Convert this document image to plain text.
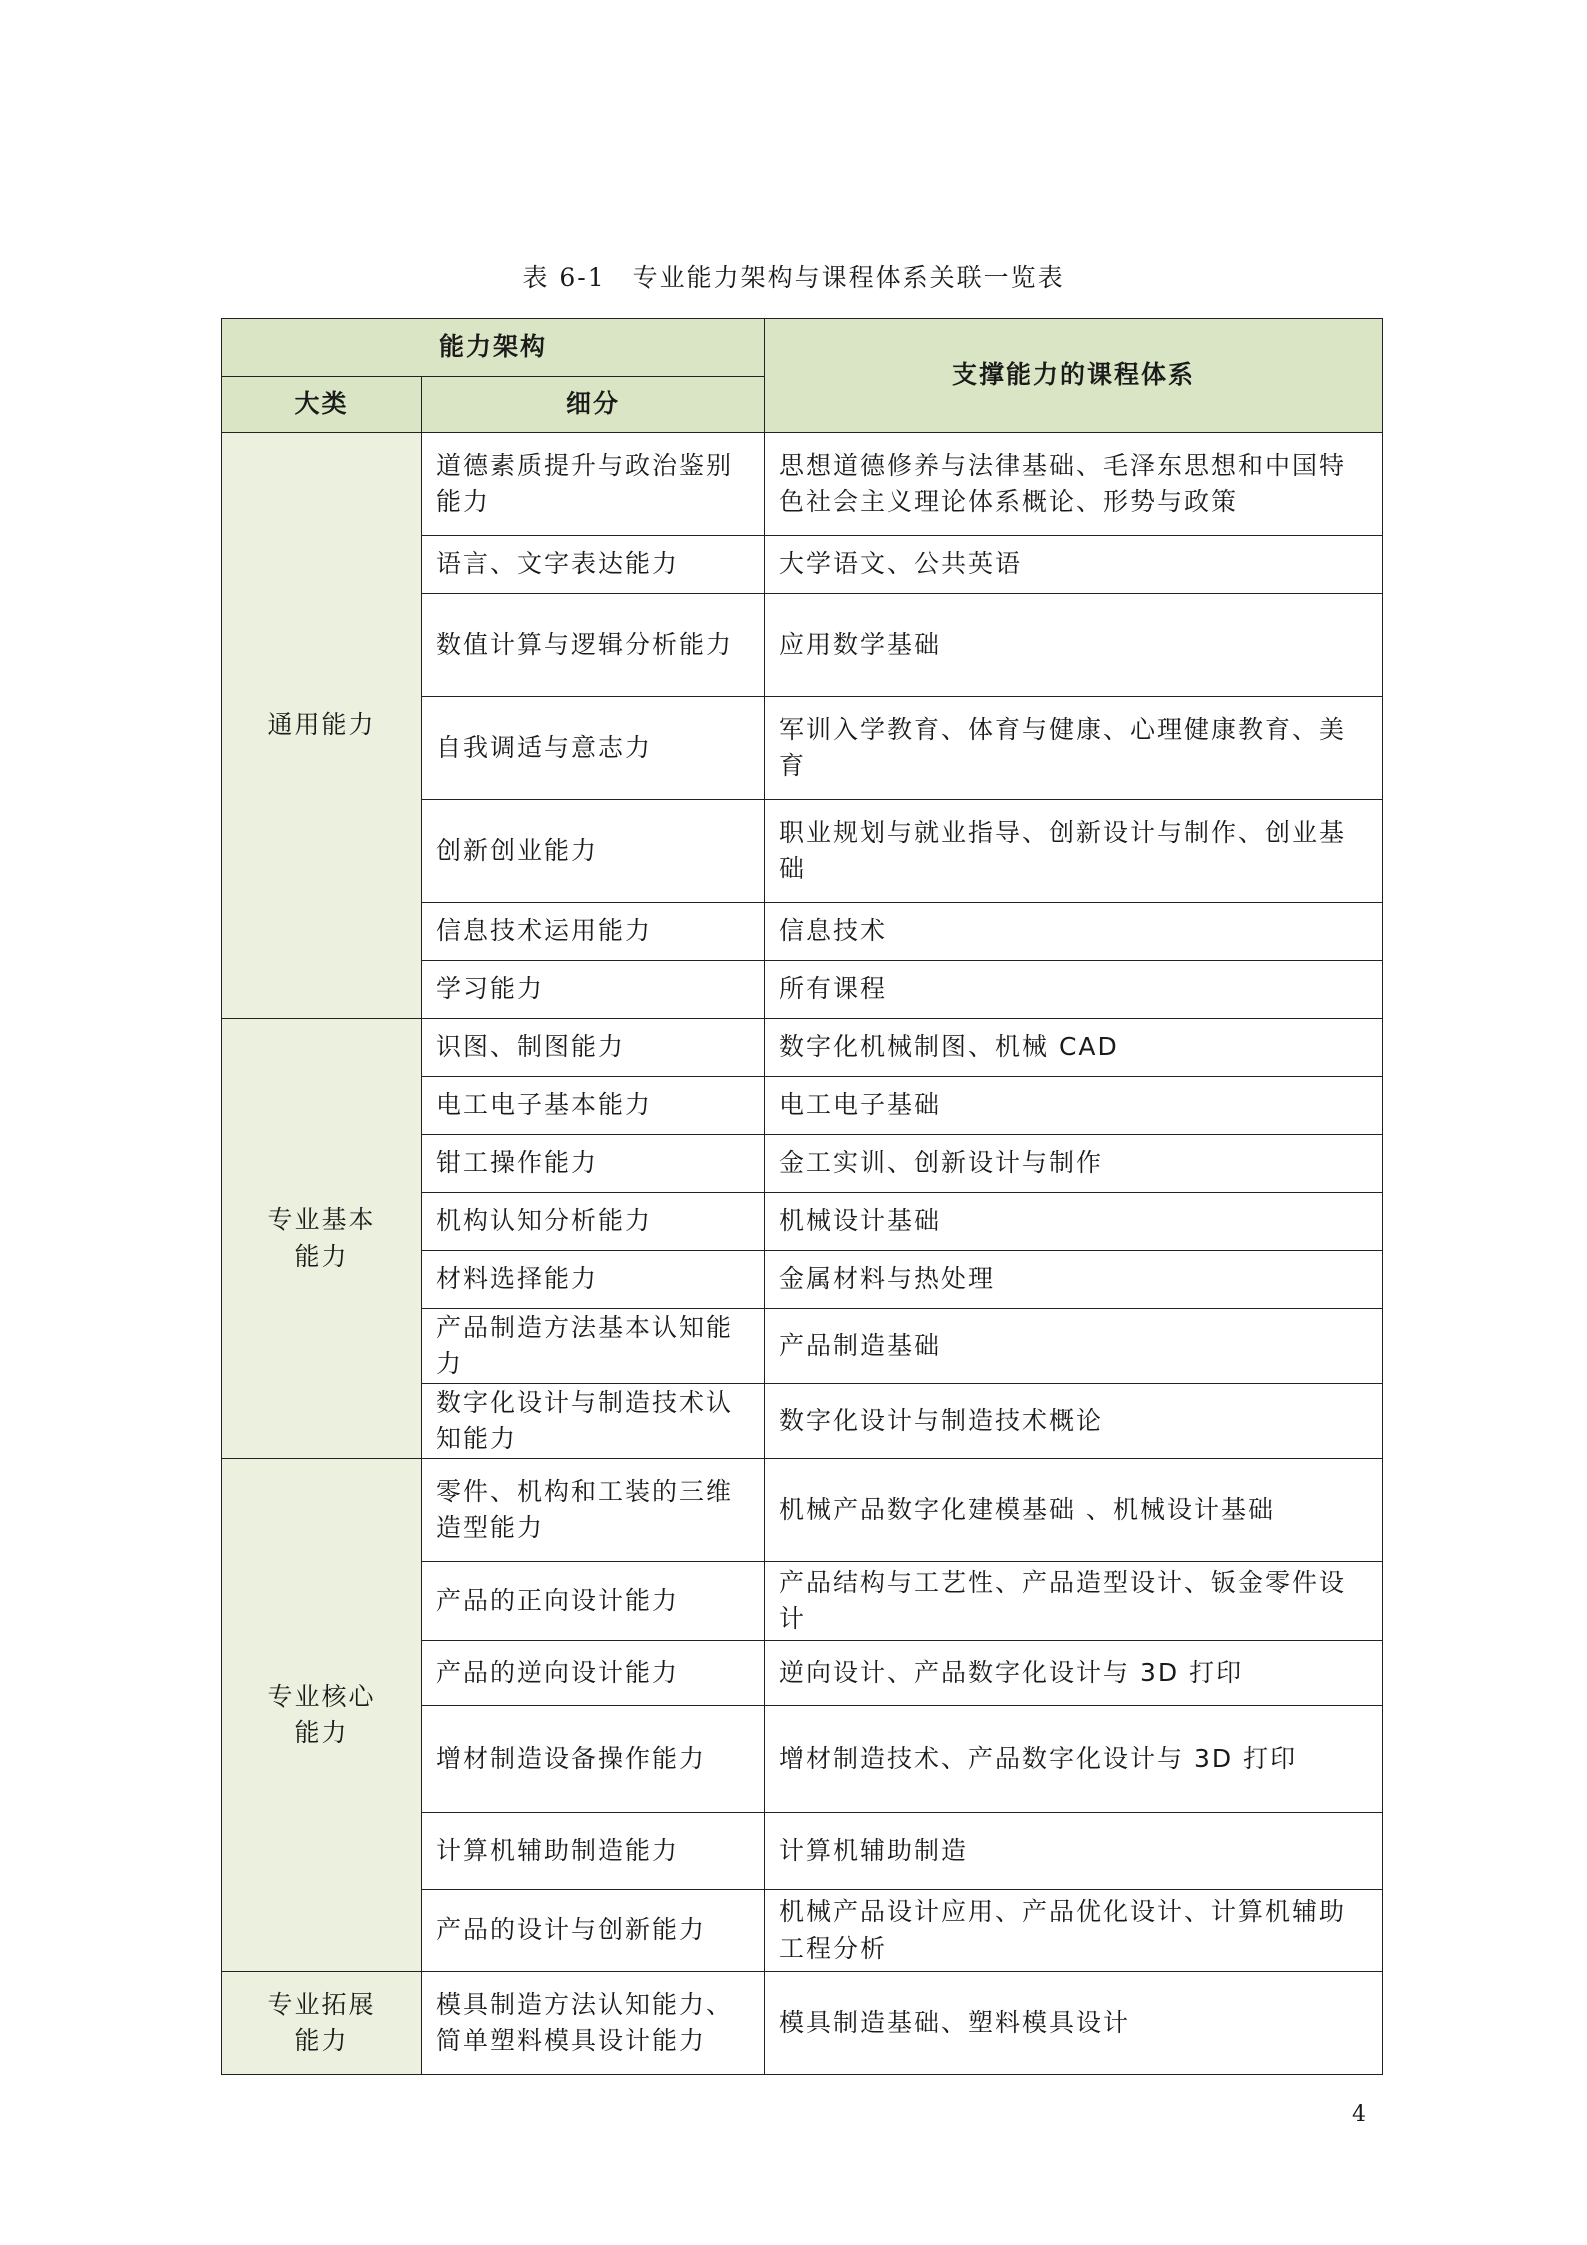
表 6-1　专业能力架构与课程体系关联一览表
能力架构		支撑能力的课程体系
大类	细分	
通用能力	道德素质提升与政治鉴别能力	思想道德修养与法律基础、毛泽东思想和中国特色社会主义理论体系概论、形势与政策
	语言、文字表达能力	大学语文、公共英语
	数值计算与逻辑分析能力	应用数学基础
	自我调适与意志力	军训入学教育、体育与健康、心理健康教育、美育
	创新创业能力	职业规划与就业指导、创新设计与制作、创业基础
	信息技术运用能力	信息技术
	学习能力	所有课程
专业基本能力	识图、制图能力	数字化机械制图、机械 CAD
	电工电子基本能力	电工电子基础
	钳工操作能力	金工实训、创新设计与制作
	机构认知分析能力	机械设计基础
	材料选择能力	金属材料与热处理
	产品制造方法基本认知能力	产品制造基础
	数字化设计与制造技术认知能力	数字化设计与制造技术概论
专业核心能力	零件、机构和工装的三维造型能力	机械产品数字化建模基础 、机械设计基础
	产品的正向设计能力	产品结构与工艺性、产品造型设计、钣金零件设计
	产品的逆向设计能力	逆向设计、产品数字化设计与 3D 打印
	增材制造设备操作能力	增材制造技术、产品数字化设计与 3D 打印
	计算机辅助制造能力	计算机辅助制造
	产品的设计与创新能力	机械产品设计应用、产品优化设计、计算机辅助工程分析
专业拓展能力	模具制造方法认知能力、简单塑料模具设计能力	模具制造基础、塑料模具设计
4
